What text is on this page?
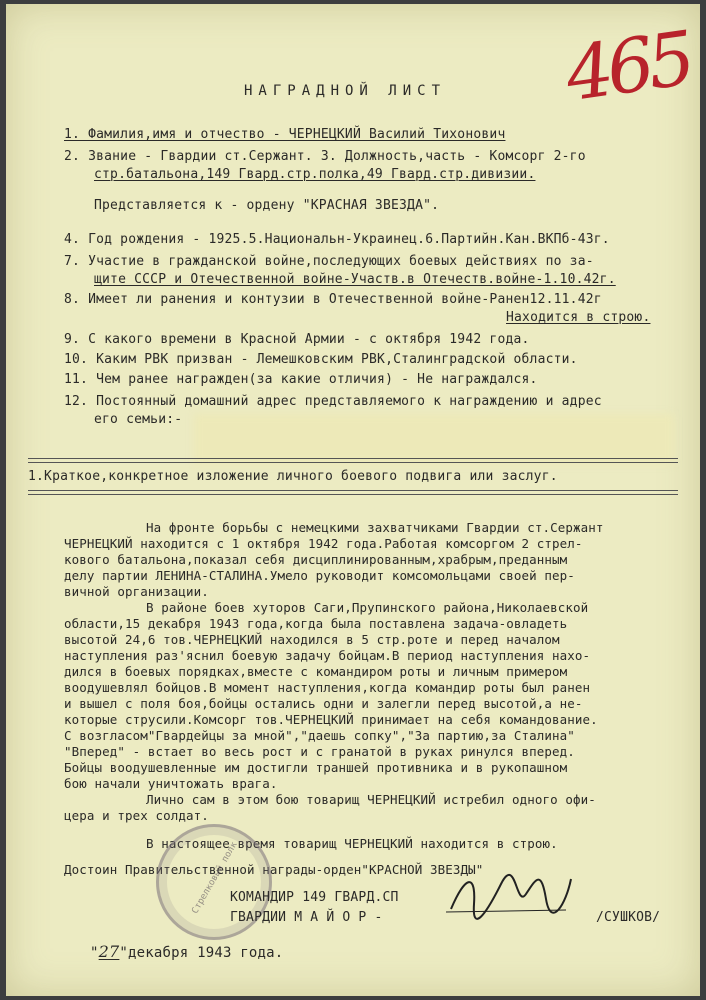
465
НАГРАДНОЙ ЛИСТ
1. Фамилия,имя и отчество - ЧЕРНЕЦКИЙ Василий Тихонович
2. Звание - Гвардии ст.Сержант. 3. Должность,часть - Комсорг 2-го
стр.батальона,149 Гвард.стр.полка,49 Гвард.стр.дивизии.
Представляется к - ордену "КРАСНАЯ ЗВЕЗДА".
4. Год рождения - 1925.5.Национальн-Украинец.6.Партийн.Кан.ВКПб-43г.
7. Участие в гражданской войне,последующих боевых действиях по за-
щите СССР и Отечественной войне-Участв.в Отечеств.войне-1.10.42г.
8. Имеет ли ранения и контузии в Отечественной войне-Ранен12.11.42г
Находится в строю.
9. С какого времени в Красной Армии - с октября 1942 года.
10. Каким РВК призван - Лемешковским РВК,Сталинградской области.
11. Чем ранее награжден(за какие отличия) - Не награждался.
12. Постоянный домашний адрес представляемого к награждению и адрес
его семьи:-
1.Краткое,конкретное изложение личного боевого подвига или заслуг.
На фронте борьбы с немецкими захватчиками Гвардии ст.Сержант
ЧЕРНЕЦКИЙ находится с 1 октября 1942 года.Работая комсоргом 2 стрел-
кового батальона,показал себя дисциплинированным,храбрым,преданным
делу партии ЛЕНИНА-СТАЛИНА.Умело руководит комсомольцами своей пер-
вичной организации.
В районе боев хуторов Саги,Прупинского района,Николаевской
области,15 декабря 1943 года,когда была поставлена задача-овладеть
высотой 24,6 тов.ЧЕРНЕЦКИЙ находился в 5 стр.роте и перед началом
наступления раз'яснил боевую задачу бойцам.В период наступления нахо-
дился в боевых порядках,вместе с командиром роты и личным примером
воодушевлял бойцов.В момент наступления,когда командир роты был ранен
и вышел с поля боя,бойцы остались одни и залегли перед высотой,а не-
которые струсили.Комсорг тов.ЧЕРНЕЦКИЙ принимает на себя командование.
С возгласом"Гвардейцы за мной","даешь сопку","За партию,за Сталина"
"Вперед" - встает во весь рост и с гранатой в руках ринулся вперед.
Бойцы воодушевленные им достигли траншей противника и в рукопашном
бою начали уничтожать врага.
Лично сам в этом бою товарищ ЧЕРНЕЦКИЙ истребил одного офи-
цера и трех солдат.
В настоящее время товарищ ЧЕРНЕЦКИЙ находится в строю.
Достоин Правительственной награды-орден"КРАСНОЙ ЗВЕЗДЫ"
Стрелковый полк
КОМАНДИР 149 ГВАРД.СП
ГВАРДИИ М А Й О Р -	/СУШКОВ/
"27"декабря 1943 года.
